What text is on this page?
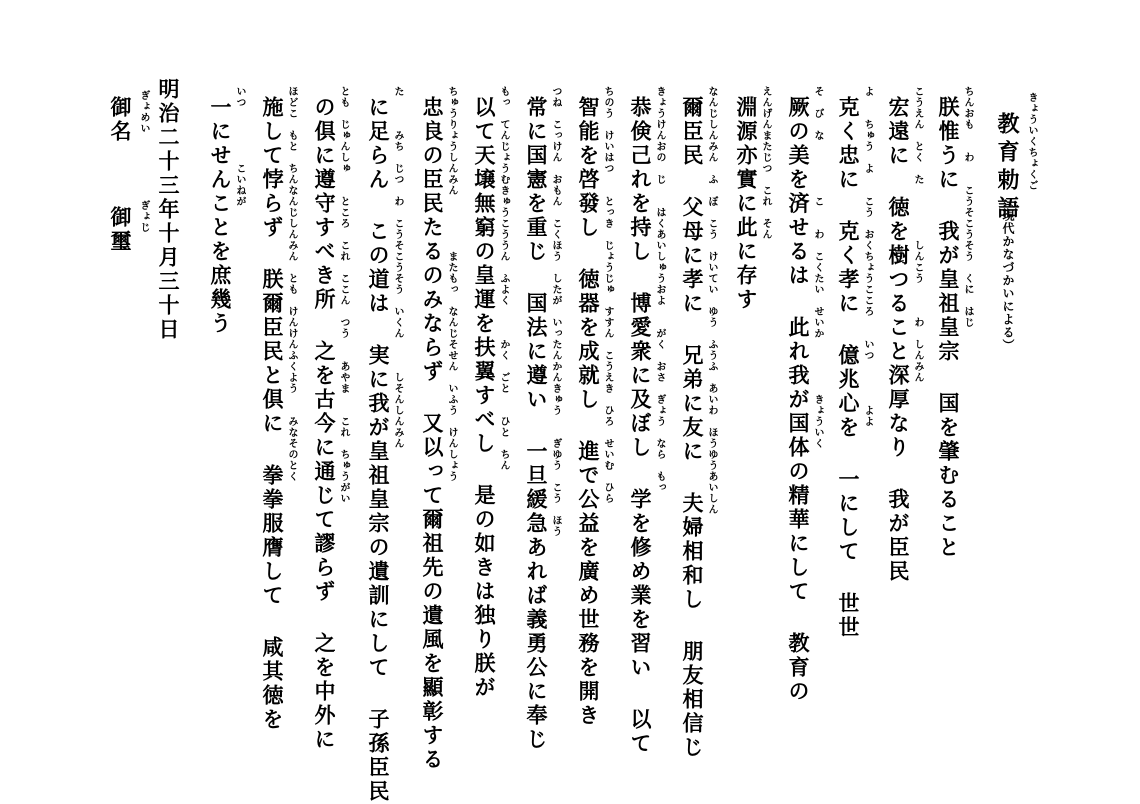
きょういくちょくご
教育勅語
（現代かなづかいによる）
ちんおも　　わ　　こうそこうそう　くに　はじ
朕惟うに 我が皇祖皇宗 国を肇むること
こうえん　とく　た　　　　　しんこう　　　わ　しんみん
宏遠に 徳を樹つること深厚なり 我が臣民
よ　　ちゅう　よ　　こう　おくちょうこころ　　いつ　　　　よよ
克く忠に 克く孝に 億兆心を 一にして 世世
そ　び　な　　　　　こ　　わ　こくたい　せいか　　　　　きょういく
厥の美を済せるは 此れ我が国体の精華にして 教育の
えんげんまたじつ　これ　そん
淵源亦實に此に存す
なんじしんみん　ふ　ぼ　こう　けいてい　ゆう　ふうふ　あいわ　ほうゆうあいしん
爾臣民 父母に孝に 兄弟に友に 夫婦相和し 朋友相信じ
きょうけんおの　じ　　はくあいしゅうおよ　　がく　おさ　ぎょう　なら　もっ
恭倹己れを持し 博愛衆に及ぼし 学を修め業を習い 以て
ちのう　けいはつ　　とっき　じょうじゅ　すすん　こうえき　ひろ　せいむ　ひら
智能を啓發し 徳器を成就し 進で公益を廣め世務を開き
つね　こっけん　おもん　こくほう　したが　いったんかんきゅう　　ぎゆう　こう　ほう
常に国憲を重じ 国法に遵い 一旦緩急あれば義勇公に奉じ
もっ　てんじょうむきゅうこううん　ふよく　　　かく　ごと　　ひと　ちん
以て天壌無窮の皇運を扶翼すべし 是の如きは独り朕が
ちゅうりょうしんみん　　　　　またもっ　なんじそせん　いふう　けんしょう
忠良の臣民たるのみならず 又以って爾祖先の遺風を顯彰する
た　　　みち　じつ　わ　こうそこうそう　いくん　　　しそんしんみん
に足らん この道は 実に我が皇祖皇宗の遺訓にして 子孫臣民
とも　じゅんしゅ　　ところ　これ　ここん　つう　　あやま　　これ　ちゅうがい
の倶に遵守すべき所 之を古今に通じて謬らず 之を中外に
ほどこ　もと　ちんなんじしんみん　とも　けんけんふくよう　　みなそのとく
施して悖らず 朕爾臣民と倶に 拳拳服膺して 咸其徳を
いつ　　　　　こいねが
一にせんことを庶幾う
明治二十三年十月三十日
ぎょめい
御名
ぎょじ
御璽
